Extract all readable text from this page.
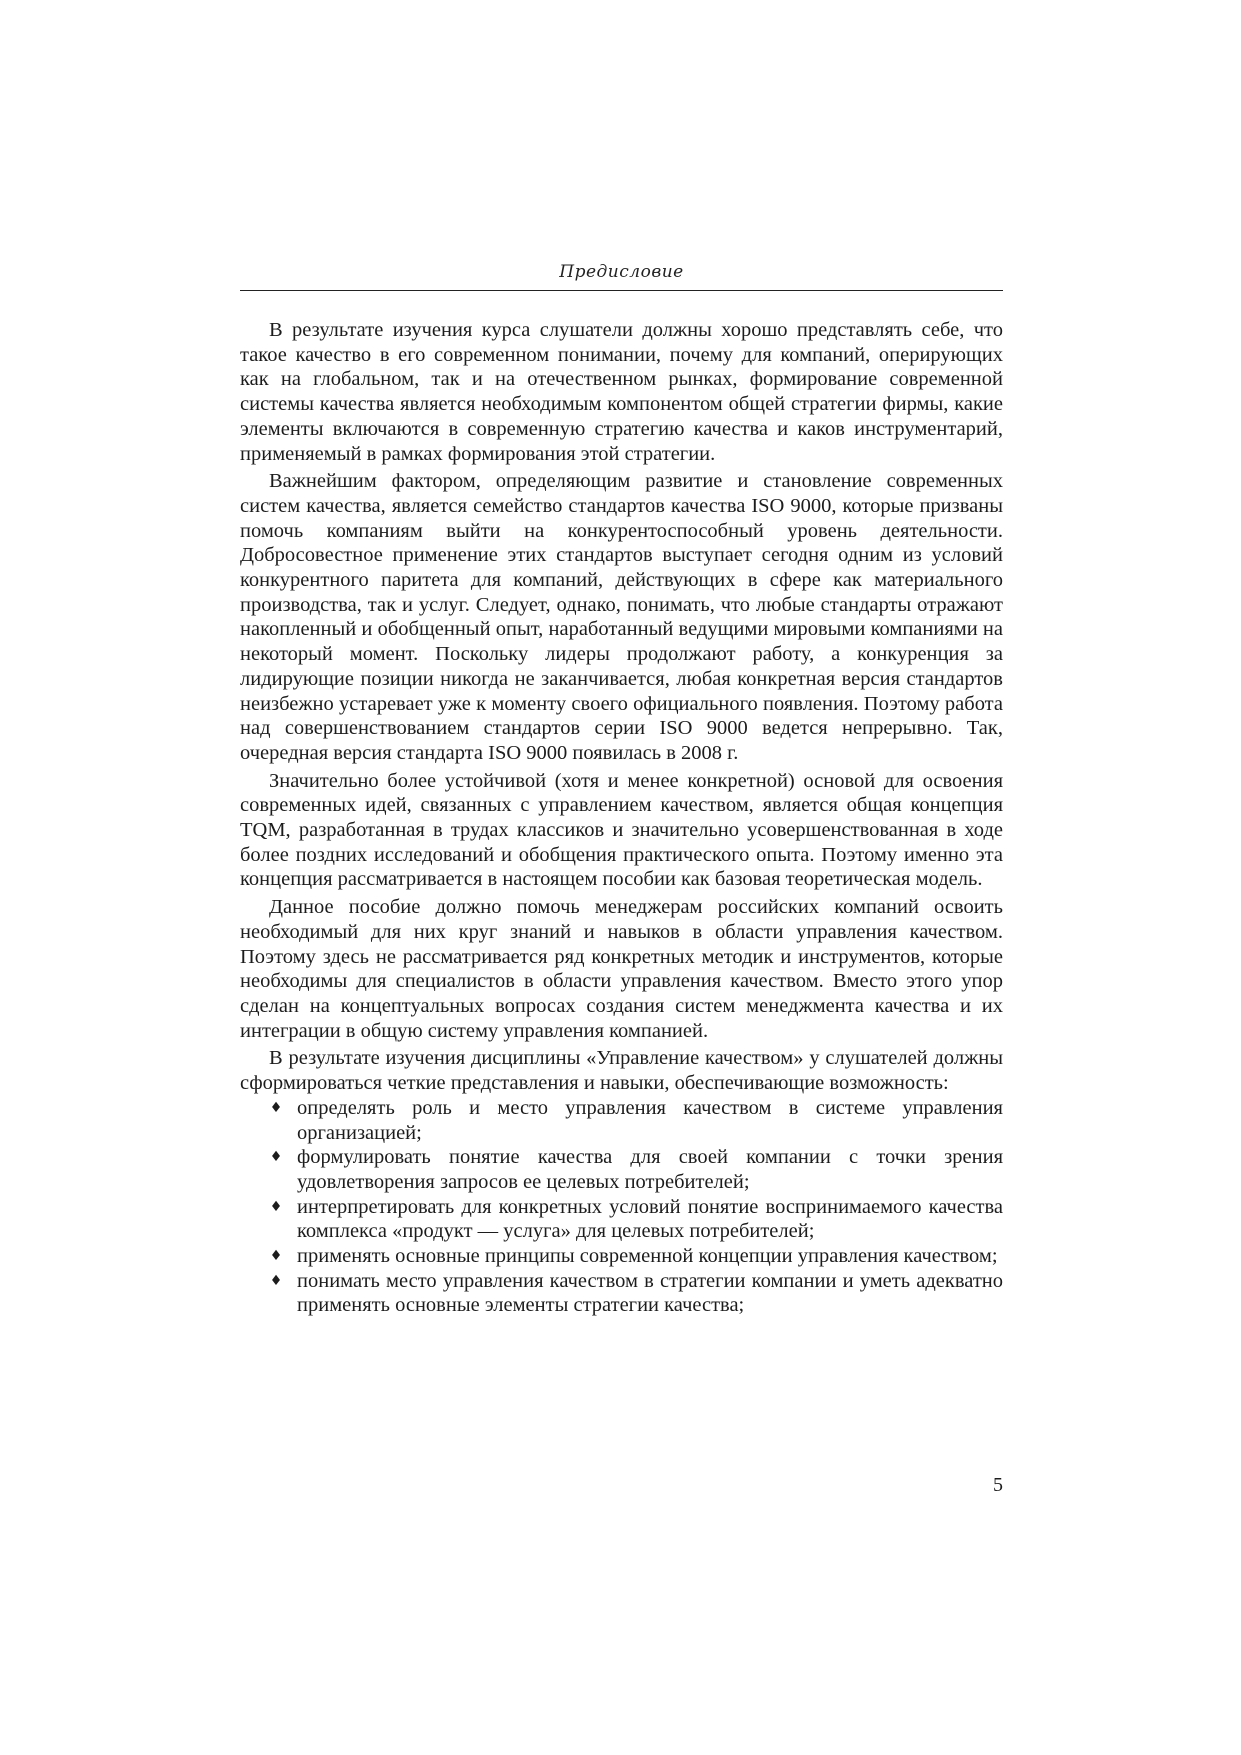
Предисловие

В результате изучения курса слушатели должны хорошо представлять себе, что такое качество в его современном понимании, почему для компаний, оперирующих как на глобальном, так и на отечественном рынках, формирование современной системы качества является необходимым компонентом общей стратегии фирмы, какие элементы включаются в современную стратегию качества и каков инструментарий, применяемый в рамках формирования этой стратегии.

Важнейшим фактором, определяющим развитие и становление современных систем качества, является семейство стандартов качества ISO 9000, которые призваны помочь компаниям выйти на конкурентоспособный уровень деятельности. Добросовестное применение этих стандартов выступает сегодня одним из условий конкурентного паритета для компаний, действующих в сфере как материального производства, так и услуг. Следует, однако, понимать, что любые стандарты отражают накопленный и обобщенный опыт, наработанный ведущими мировыми компаниями на некоторый момент. Поскольку лидеры продолжают работу, а конкуренция за лидирующие позиции никогда не заканчивается, любая конкретная версия стандартов неизбежно устаревает уже к моменту своего официального появления. Поэтому работа над совершенствованием стандартов серии ISO 9000 ведется непрерывно. Так, очередная версия стандарта ISO 9000 появилась в 2008 г.

Значительно более устойчивой (хотя и менее конкретной) основой для освоения современных идей, связанных с управлением качеством, является общая концепция TQM, разработанная в трудах классиков и значительно усовершенствованная в ходе более поздних исследований и обобщения практического опыта. Поэтому именно эта концепция рассматривается в настоящем пособии как базовая теоретическая модель.

Данное пособие должно помочь менеджерам российских компаний освоить необходимый для них круг знаний и навыков в области управления качеством. Поэтому здесь не рассматривается ряд конкретных методик и инструментов, которые необходимы для специалистов в области управления качеством. Вместо этого упор сделан на концептуальных вопросах создания систем менеджмента качества и их интеграции в общую систему управления компанией.

В результате изучения дисциплины «Управление качеством» у слушателей должны сформироваться четкие представления и навыки, обеспечивающие возможность:

♦ определять роль и место управления качеством в системе управления организацией;
♦ формулировать понятие качества для своей компании с точки зрения удовлетворения запросов ее целевых потребителей;
♦ интерпретировать для конкретных условий понятие воспринимаемого качества комплекса «продукт — услуга» для целевых потребителей;
♦ применять основные принципы современной концепции управления качеством;
♦ понимать место управления качеством в стратегии компании и уметь адекватно применять основные элементы стратегии качества;
5
